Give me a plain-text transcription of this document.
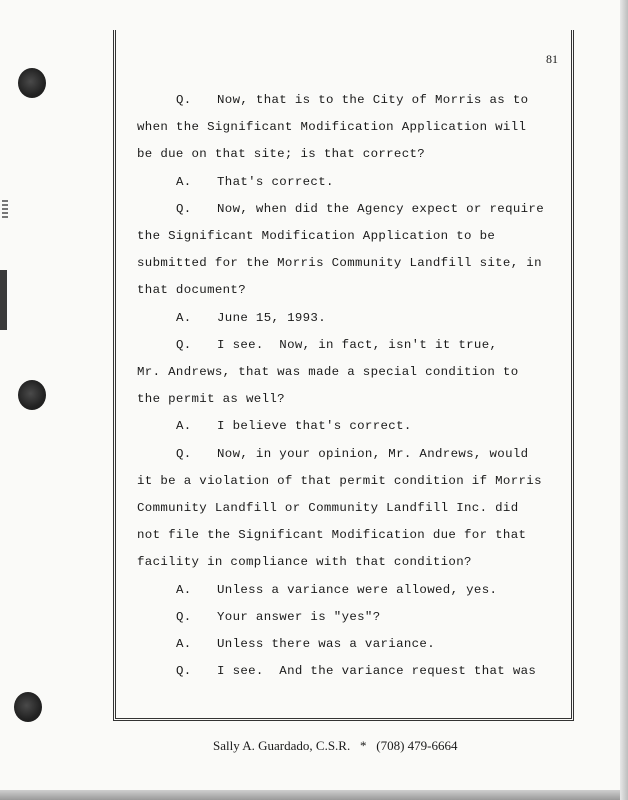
81
Q. Now, that is to the City of Morris as to
when the Significant Modification Application will
be due on that site; is that correct?
A. That's correct.
Q. Now, when did the Agency expect or require
the Significant Modification Application to be
submitted for the Morris Community Landfill site, in
that document?
A. June 15, 1993.
Q. I see.  Now, in fact, isn't it true,
Mr. Andrews, that was made a special condition to
the permit as well?
A. I believe that's correct.
Q. Now, in your opinion, Mr. Andrews, would
it be a violation of that permit condition if Morris
Community Landfill or Community Landfill Inc. did
not file the Significant Modification due for that
facility in compliance with that condition?
A. Unless a variance were allowed, yes.
Q. Your answer is "yes"?
A. Unless there was a variance.
Q. I see.  And the variance request that was
Sally A. Guardado, C.S.R. * (708) 479-6664
